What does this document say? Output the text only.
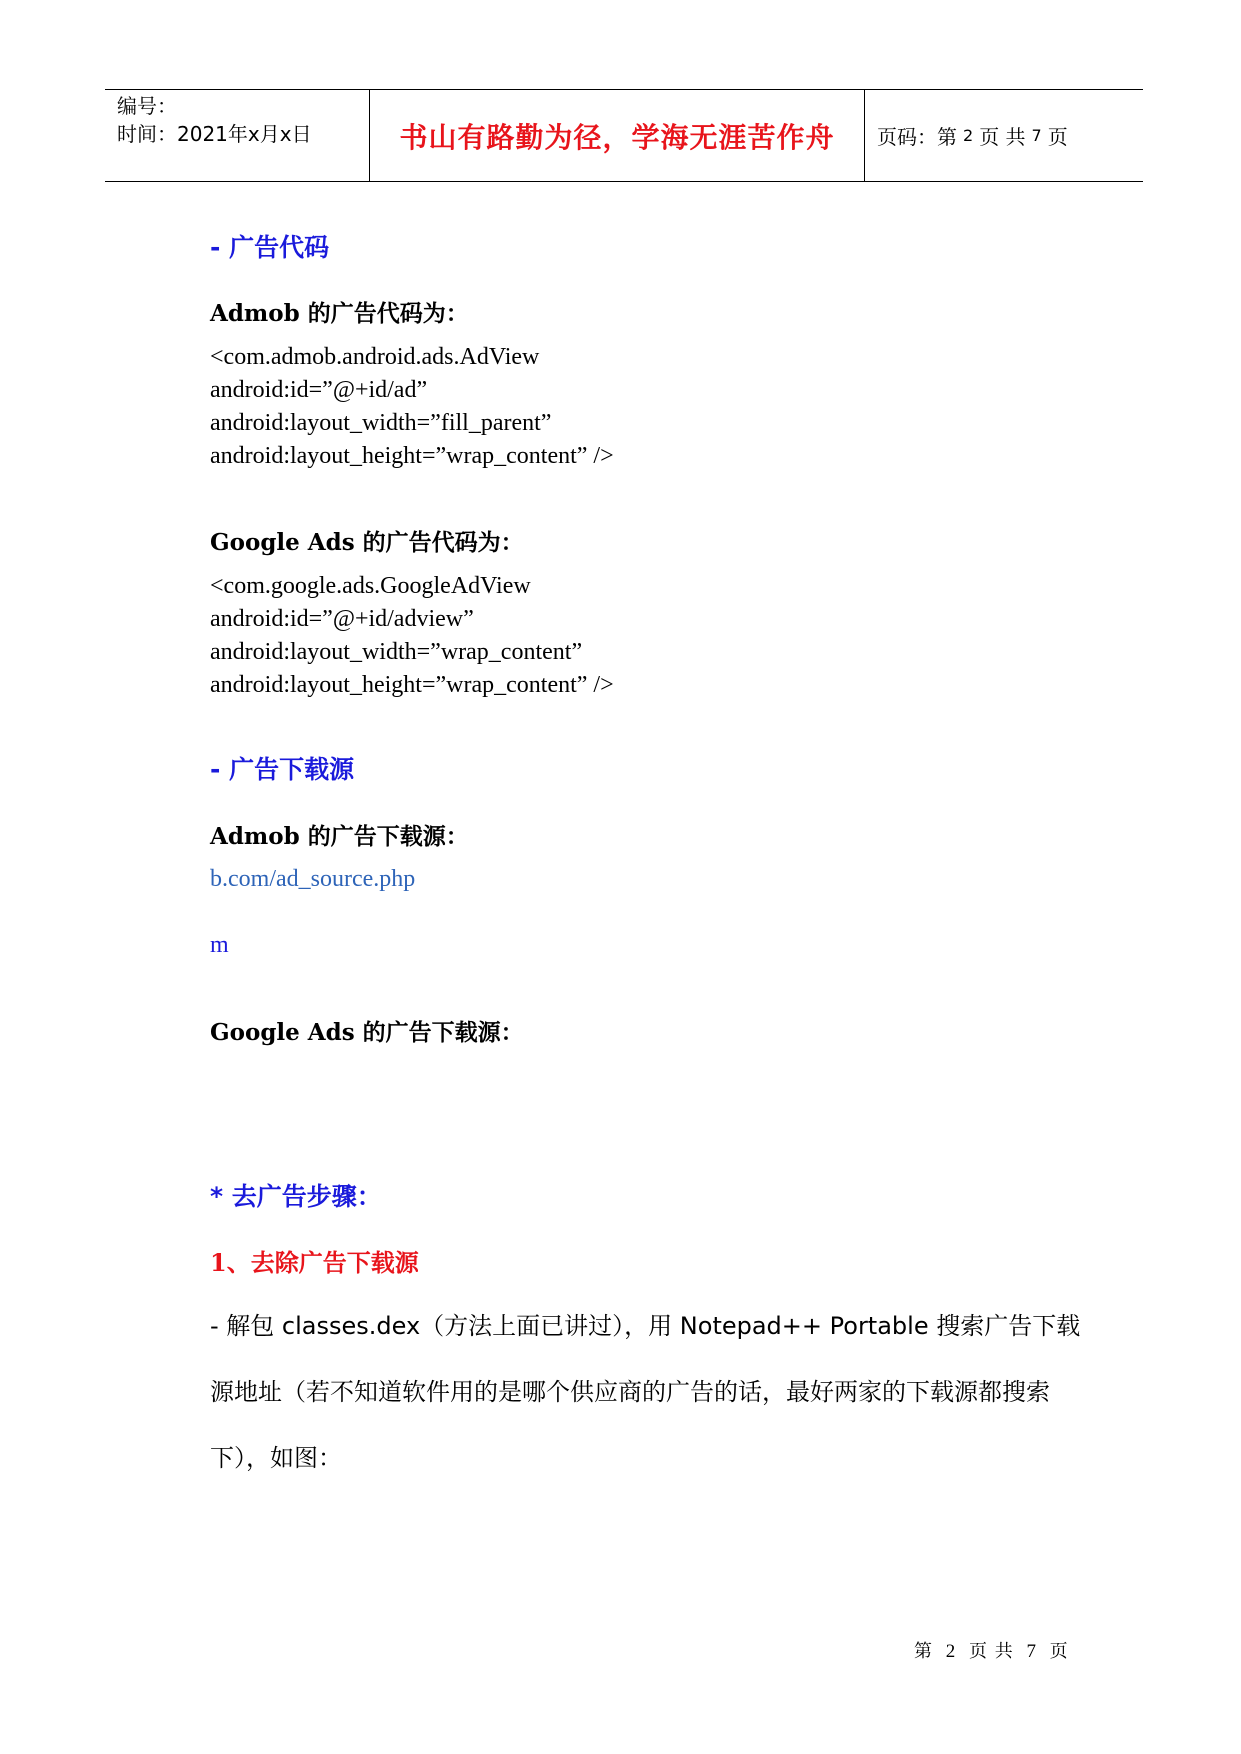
编号：
时间：2021年x月x日	书山有路勤为径，学海无涯苦作舟 页码：第 2 页 共 7 页
- 广告代码
Admob 的广告代码为：
<com.admob.android.ads.AdView
android:id=”@+id/ad”
android:layout_width=”fill_parent”
android:layout_height=”wrap_content” />
Google Ads 的广告代码为：
<com.google.ads.GoogleAdView
android:id=”@+id/adview”
android:layout_width=”wrap_content”
android:layout_height=”wrap_content” />
- 广告下载源
Admob 的广告下载源：
b.com/ad_source.php
m
Google Ads 的广告下载源：
* 去广告步骤：
1、去除广告下载源
- 解包 classes.dex（方法上面已讲过），用 Notepad++ Portable 搜索广告下载源地址（若不知道软件用的是哪个供应商的广告的话，最好两家的下载源都搜索下），如图：
第 2 页 共 7 页
